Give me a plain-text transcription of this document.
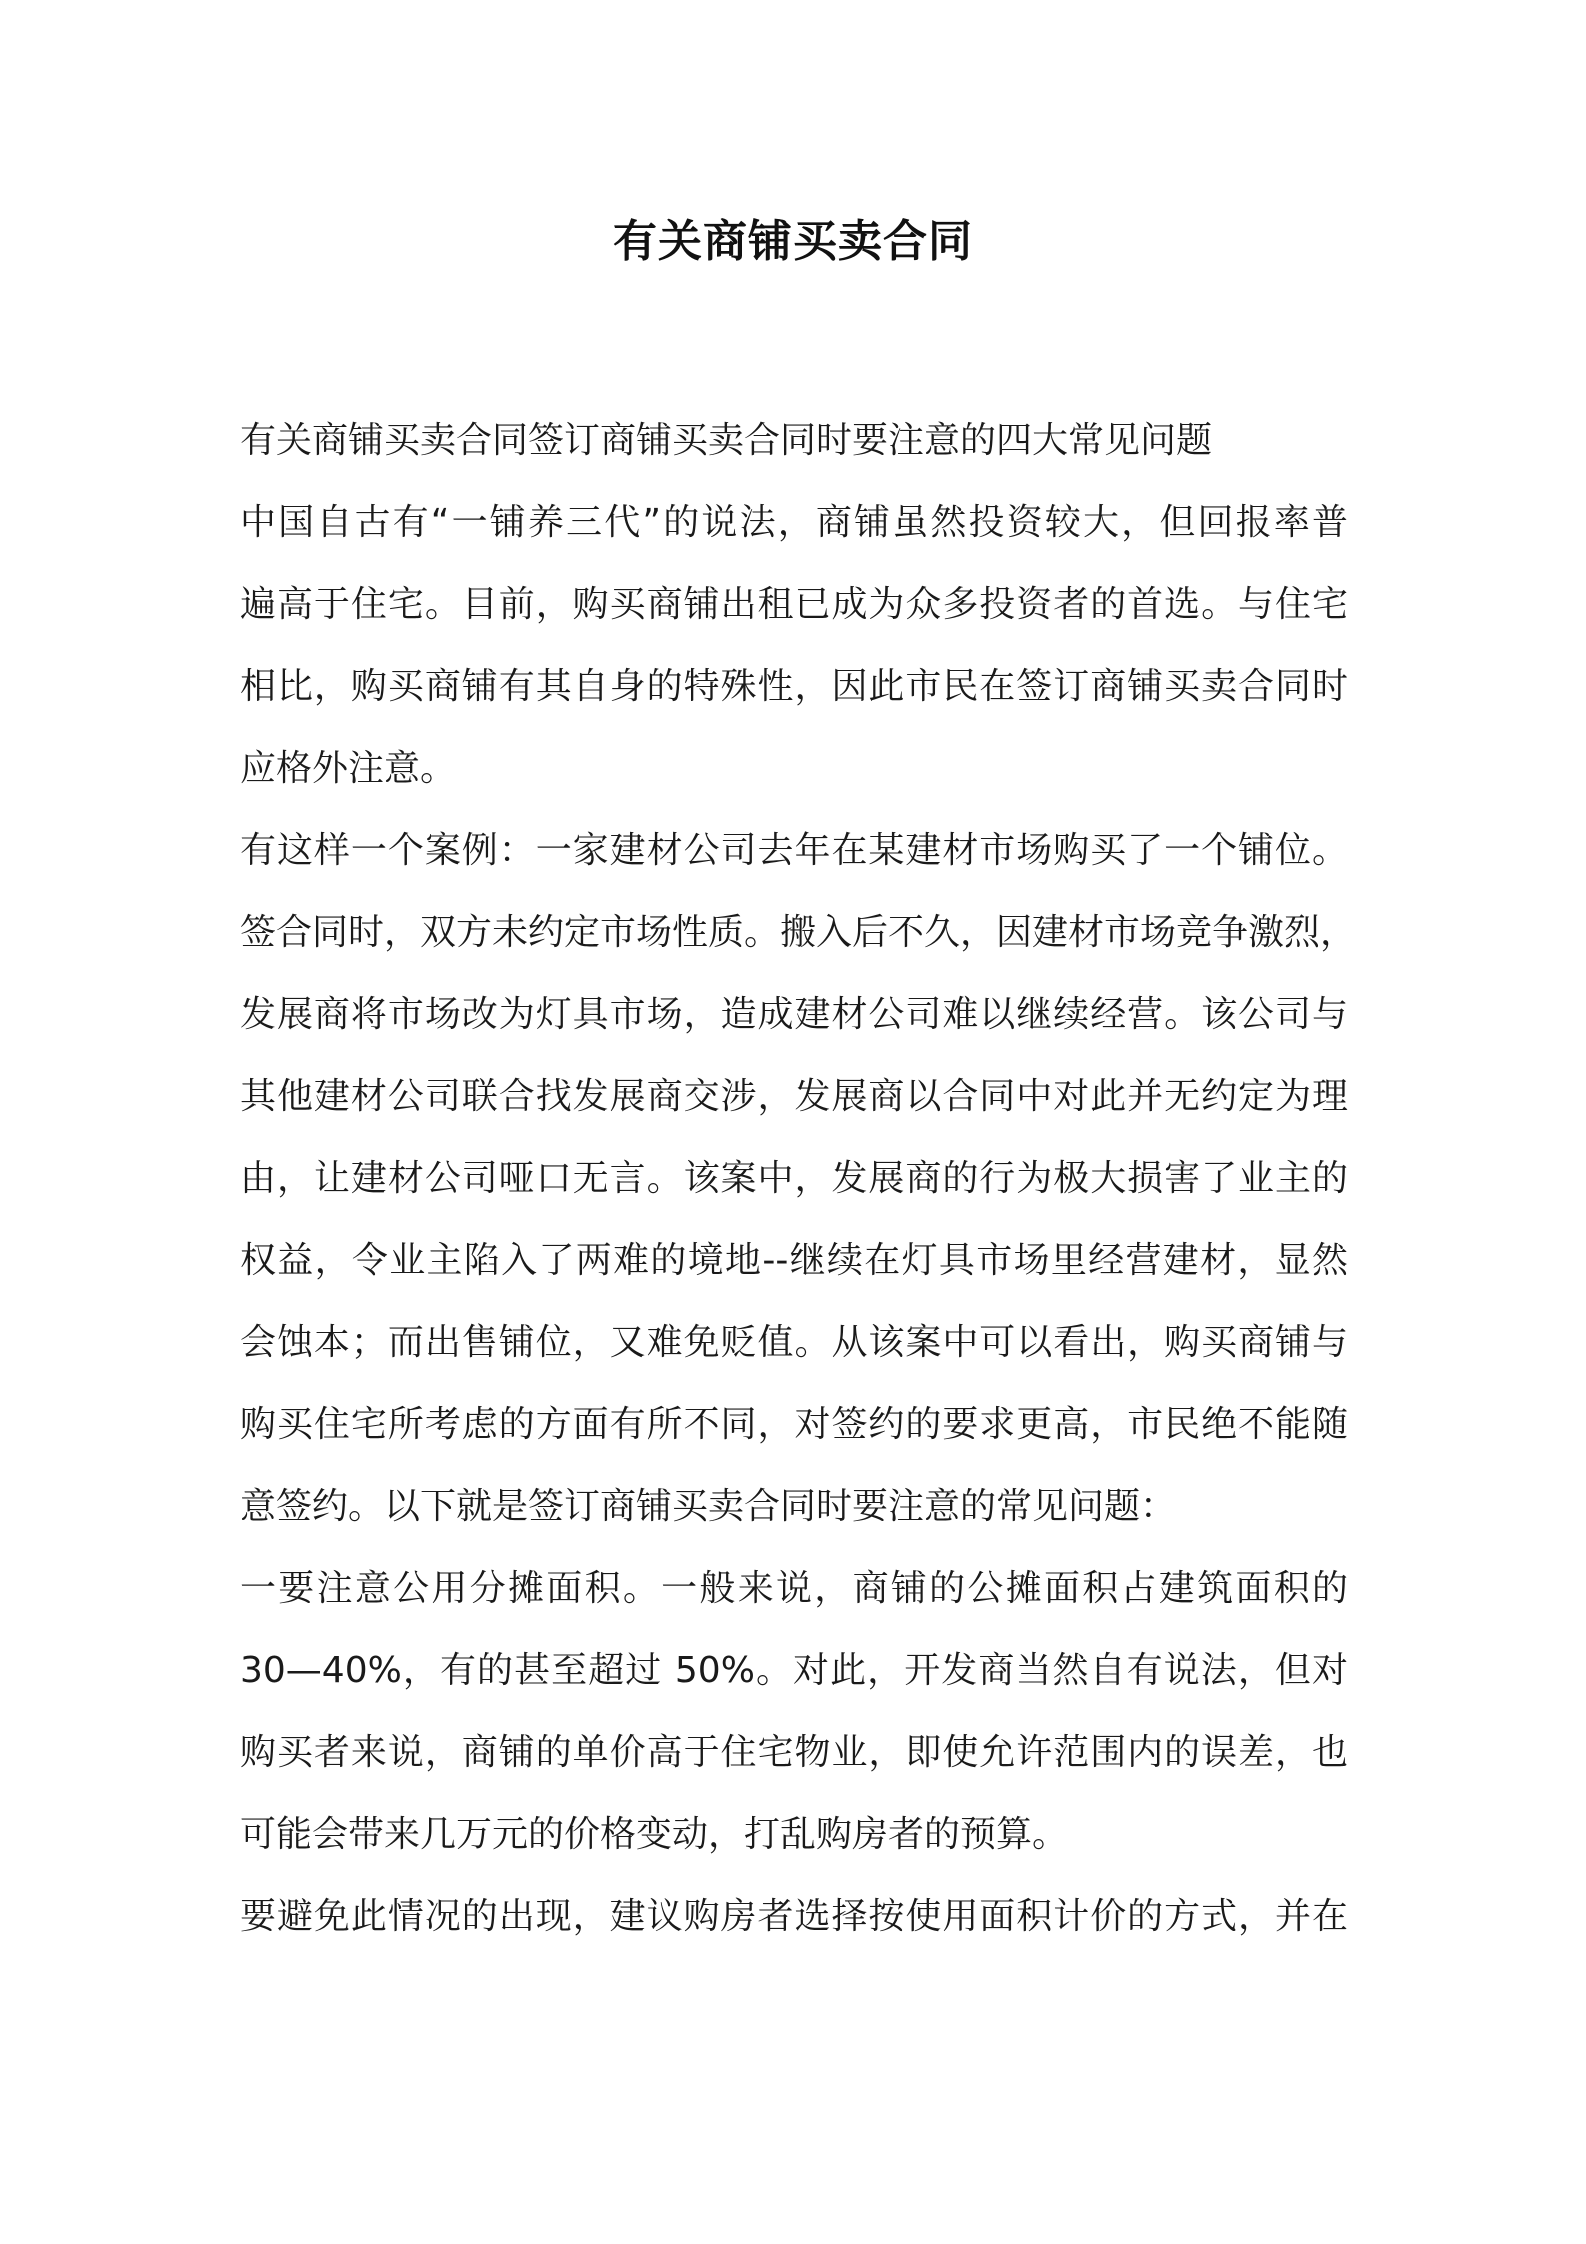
有关商铺买卖合同
有关商铺买卖合同签订商铺买卖合同时要注意的四大常见问题
中国自古有“一铺养三代”的说法，商铺虽然投资较大，但回报率普
遍高于住宅。目前，购买商铺出租已成为众多投资者的首选。与住宅
相比，购买商铺有其自身的特殊性，因此市民在签订商铺买卖合同时
应格外注意。
有这样一个案例：一家建材公司去年在某建材市场购买了一个铺位。
签合同时，双方未约定市场性质。搬入后不久，因建材市场竞争激烈，
发展商将市场改为灯具市场，造成建材公司难以继续经营。该公司与
其他建材公司联合找发展商交涉，发展商以合同中对此并无约定为理
由，让建材公司哑口无言。该案中，发展商的行为极大损害了业主的
权益，令业主陷入了两难的境地--继续在灯具市场里经营建材，显然
会蚀本；而出售铺位，又难免贬值。从该案中可以看出，购买商铺与
购买住宅所考虑的方面有所不同，对签约的要求更高，市民绝不能随
意签约。以下就是签订商铺买卖合同时要注意的常见问题：
一要注意公用分摊面积。一般来说，商铺的公摊面积占建筑面积的
30—40%，有的甚至超过 50%。对此，开发商当然自有说法，但对
购买者来说，商铺的单价高于住宅物业，即使允许范围内的误差，也
可能会带来几万元的价格变动，打乱购房者的预算。
要避免此情况的出现，建议购房者选择按使用面积计价的方式，并在
